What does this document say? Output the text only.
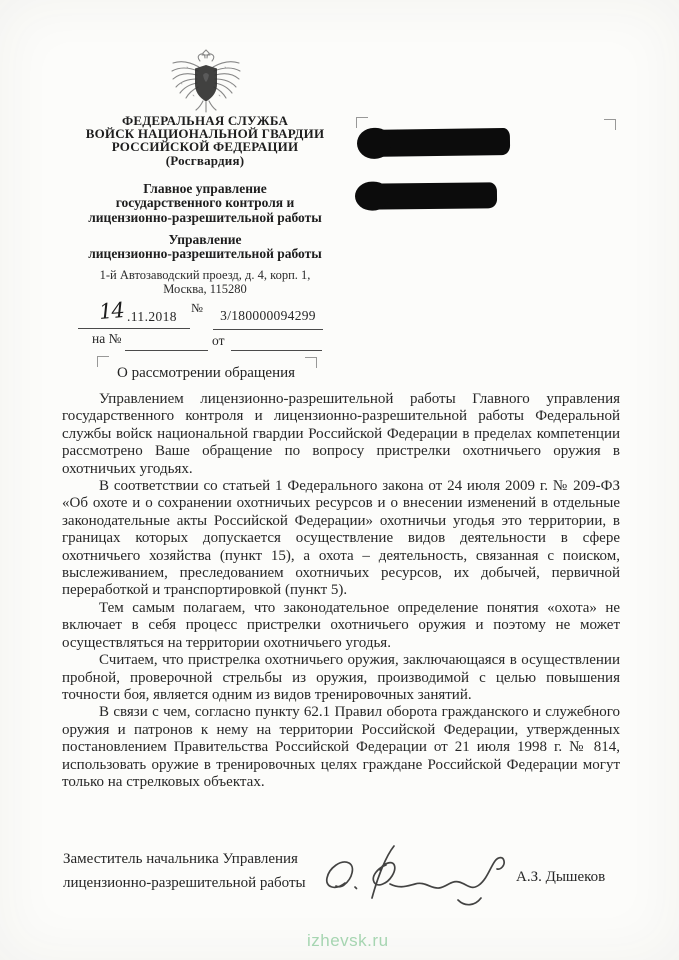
ФЕДЕРАЛЬНАЯ СЛУЖБА
ВОЙСК НАЦИОНАЛЬНОЙ ГВАРДИИ
РОССИЙСКОЙ ФЕДЕРАЦИИ
(Росгвардия)
Главное управление
государственного контроля и
лицензионно-разрешительной работы
Управление
лицензионно-разрешительной работы
1-й Автозаводский проезд, д. 4, корп. 1,
Москва, 115280
14 .11.2018
№	3/180000094299
на №	от
О рассмотрении обращения

Управлением лицензионно-разрешительной работы Главного управления государственного контроля и лицензионно-разрешительной работы Федеральной службы войск национальной гвардии Российской Федерации в пределах компетенции рассмотрено Ваше обращение по вопросу пристрелки охотничьего оружия в охотничьих угодьях.

В соответствии со статьей 1 Федерального закона от 24 июля 2009 г. № 209-ФЗ «Об охоте и о сохранении охотничьих ресурсов и о внесении изменений в отдельные законодательные акты Российской Федерации» охотничьи угодья это территории, в границах которых допускается осуществление видов деятельности в сфере охотничьего хозяйства (пункт 15), а охота – деятельность, связанная с поиском, выслеживанием, преследованием охотничьих ресурсов, их добычей, первичной переработкой и транспортировкой (пункт 5).

Тем самым полагаем, что законодательное определение понятия «охота» не включает в себя процесс пристрелки охотничьего оружия и поэтому не может осуществляться на территории охотничьего угодья.

Считаем, что пристрелка охотничьего оружия, заключающаяся в осуществлении пробной, проверочной стрельбы из оружия, производимой с целью повышения точности боя, является одним из видов тренировочных занятий.

В связи с чем, согласно пункту 62.1 Правил оборота гражданского и служебного оружия и патронов к нему на территории Российской Федерации, утвержденных постановлением Правительства Российской Федерации от 21 июля 1998 г. № 814, использовать оружие в тренировочных целях граждане Российской Федерации могут только на стрелковых объектах.

Заместитель начальника Управления
лицензионно-разрешительной работы	А.З. Дышеков
izhevsk.ru
